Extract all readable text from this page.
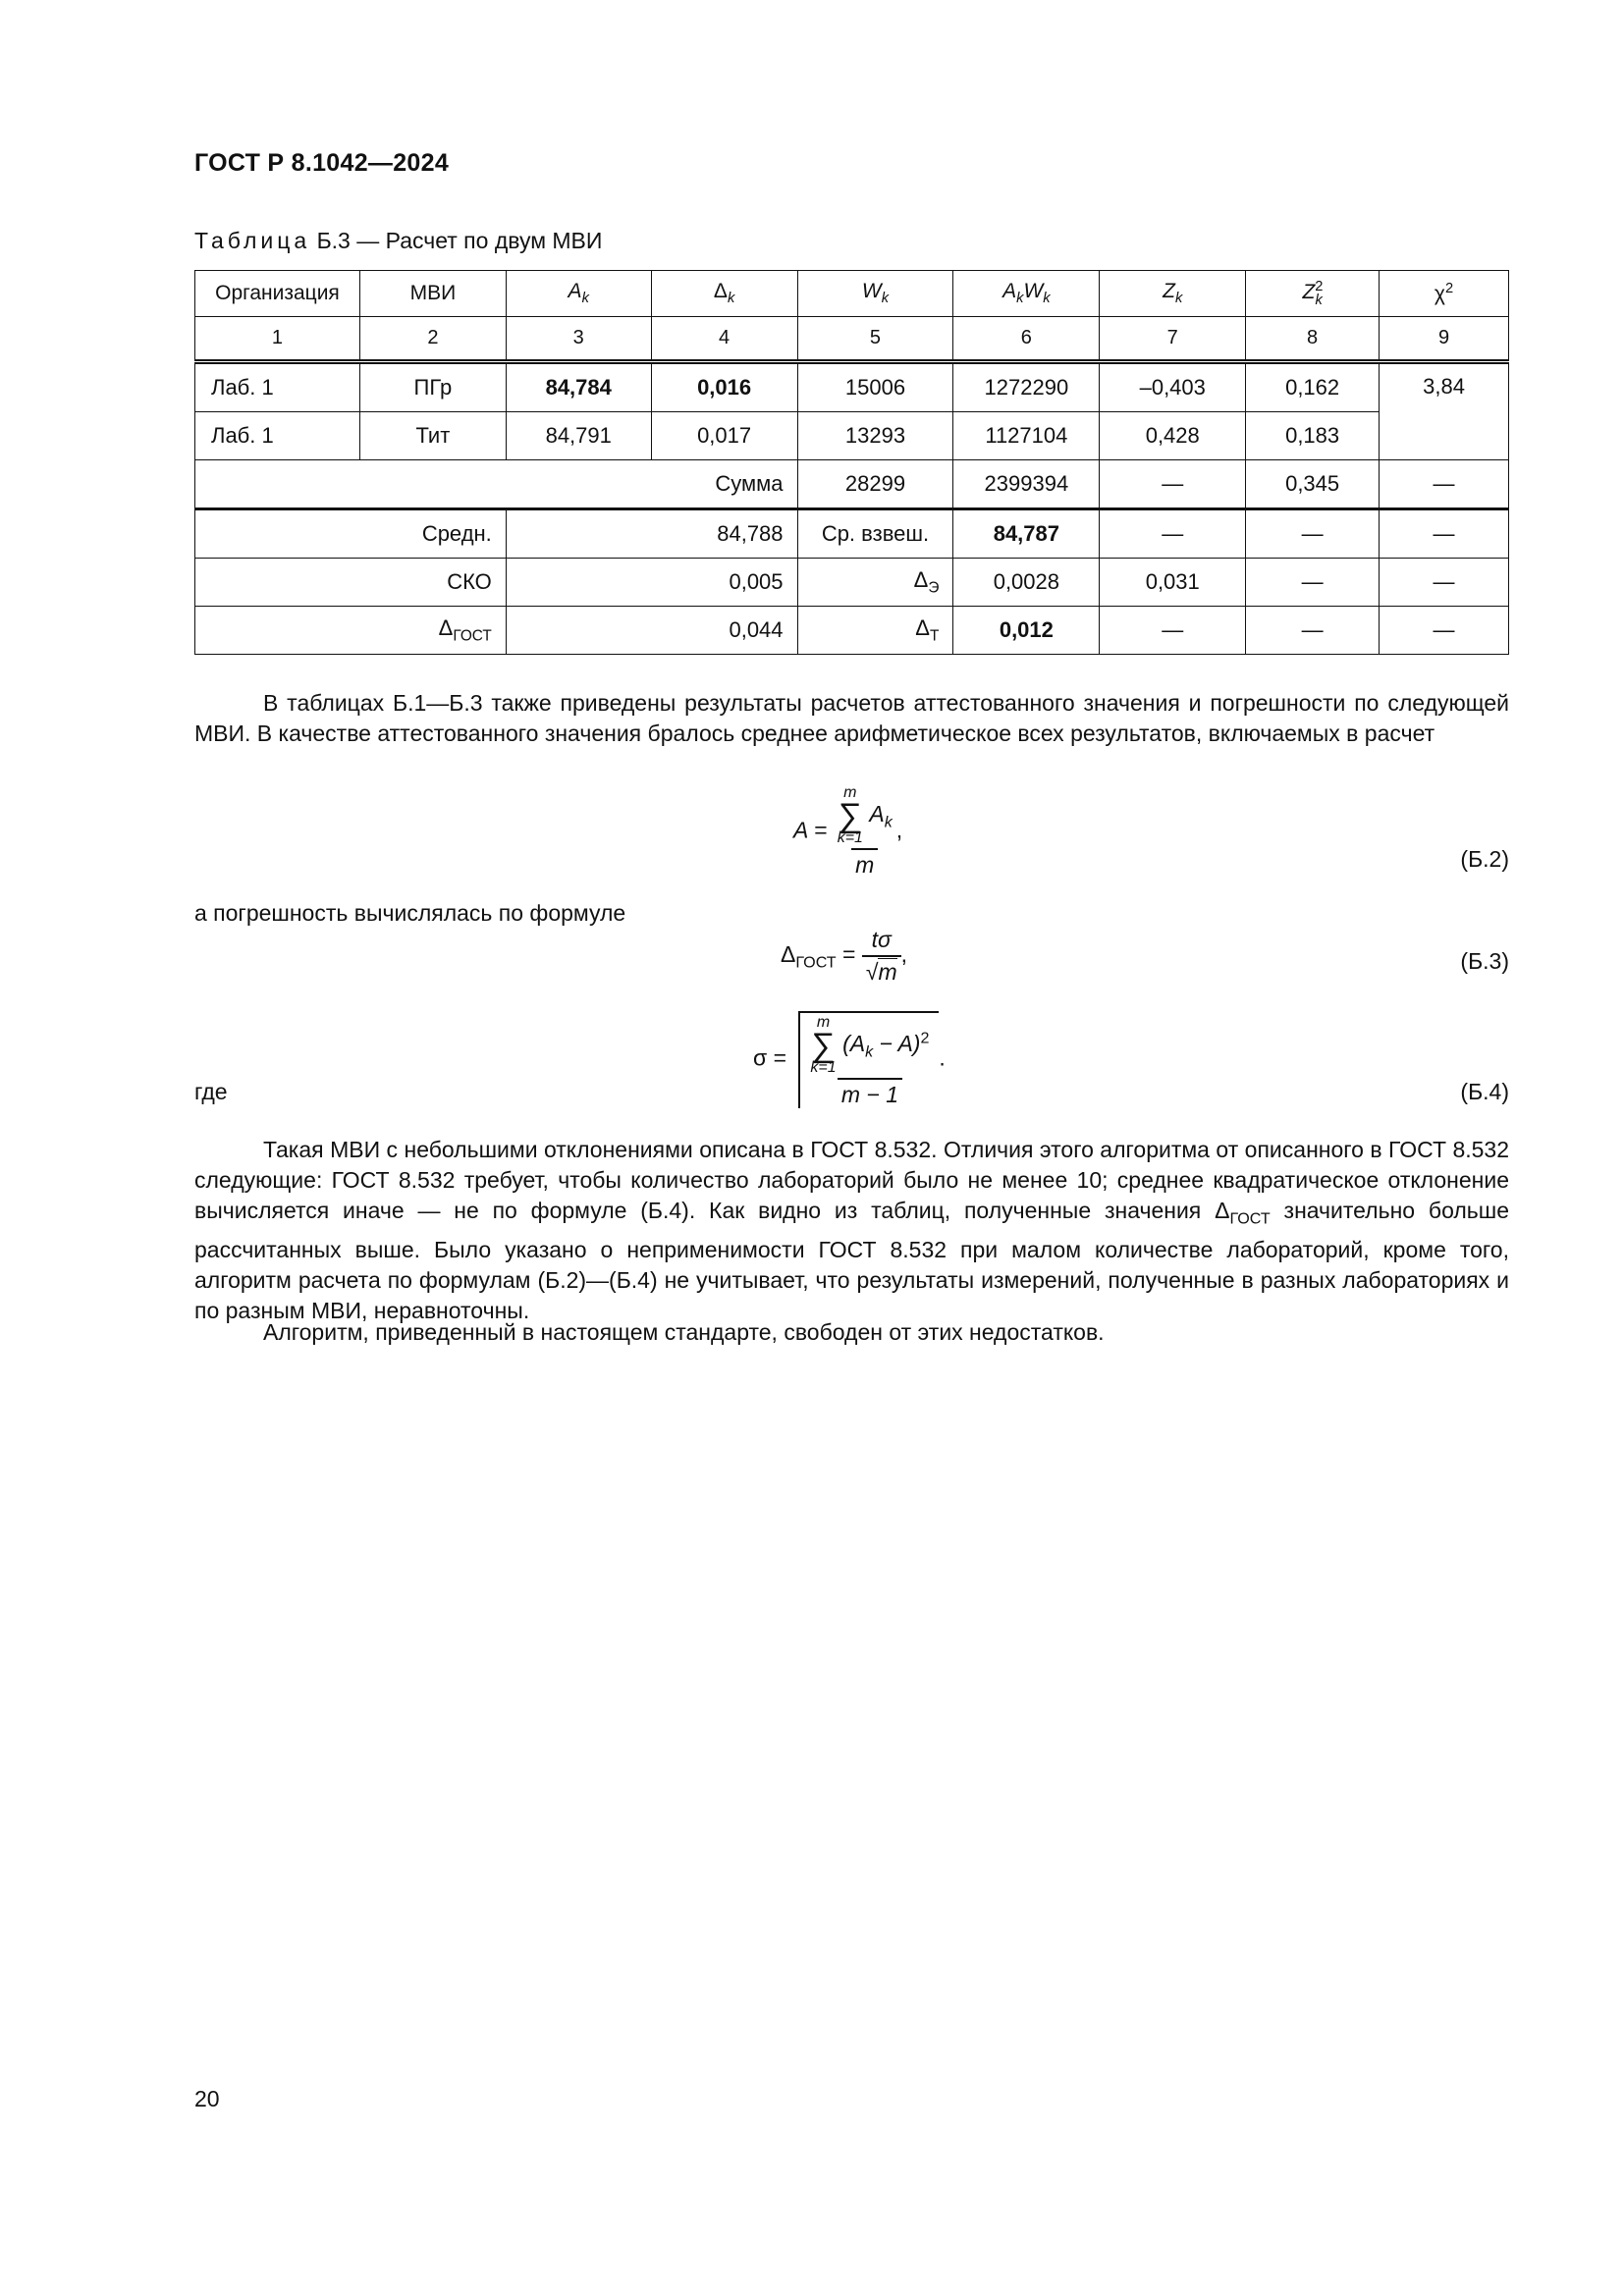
ГОСТ Р 8.1042—2024
Таблица Б.3 — Расчет по двум МВИ
Организация	МВИ	$A_k$	$\Delta_k$	$W_k$	$A_kW_k$	$Z_k$	$Z^2_k$	$\chi^2$
1	2	3	4	5	6	7	8	9
Лаб. 1	ПГр	84,784	0,016	15006	1272290	–0,403	0,162	3,84
Лаб. 1	Тит	84,791	0,017	13293	1127104	0,428	0,183	
Сумма				28299	2399394	—	0,345	—
Средн.		84,788		Ср. взвеш.	84,787	—	—	—
СКО		0,005		$\Delta_Э$	0,0028	0,031	—	—
$\Delta_{ГОСТ}$		0,044		$\Delta_Т$	0,012	—	—	—
В таблицах Б.1—Б.3 также приведены результаты расчетов аттестованного значения и погрешности по следующей МВИ. В качестве аттестованного значения бралось среднее арифметическое всех результатов, включаемых в расчет
A = m
∑
k=1
$A_k$
m ,
(Б.2)
а погрешность вычислялась по формуле
$\Delta_{ГОСТ} = \frac{t\sigma}{√m}$ ,	(Б.3)
где
σ = m
∑
k=1
$(A_k - A)^2$
m − 1 .
(Б.4)
Такая МВИ с небольшими отклонениями описана в ГОСТ 8.532. Отличия этого алгоритма от описанного в ГОСТ 8.532 следующие: ГОСТ 8.532 требует, чтобы количество лабораторий было не менее 10; среднее квадратическое отклонение вычисляется иначе — не по формуле (Б.4). Как видно из таблиц, полученные значения $\Delta_{ГОСТ}$ значительно больше рассчитанных выше. Было указано о неприменимости ГОСТ 8.532 при малом количестве лабораторий, кроме того, алгоритм расчета по формулам (Б.2)—(Б.4) не учитывает, что результаты измерений, полученные в разных лабораториях и по разным МВИ, неравноточны.
Алгоритм, приведенный в настоящем стандарте, свободен от этих недостатков.
20
